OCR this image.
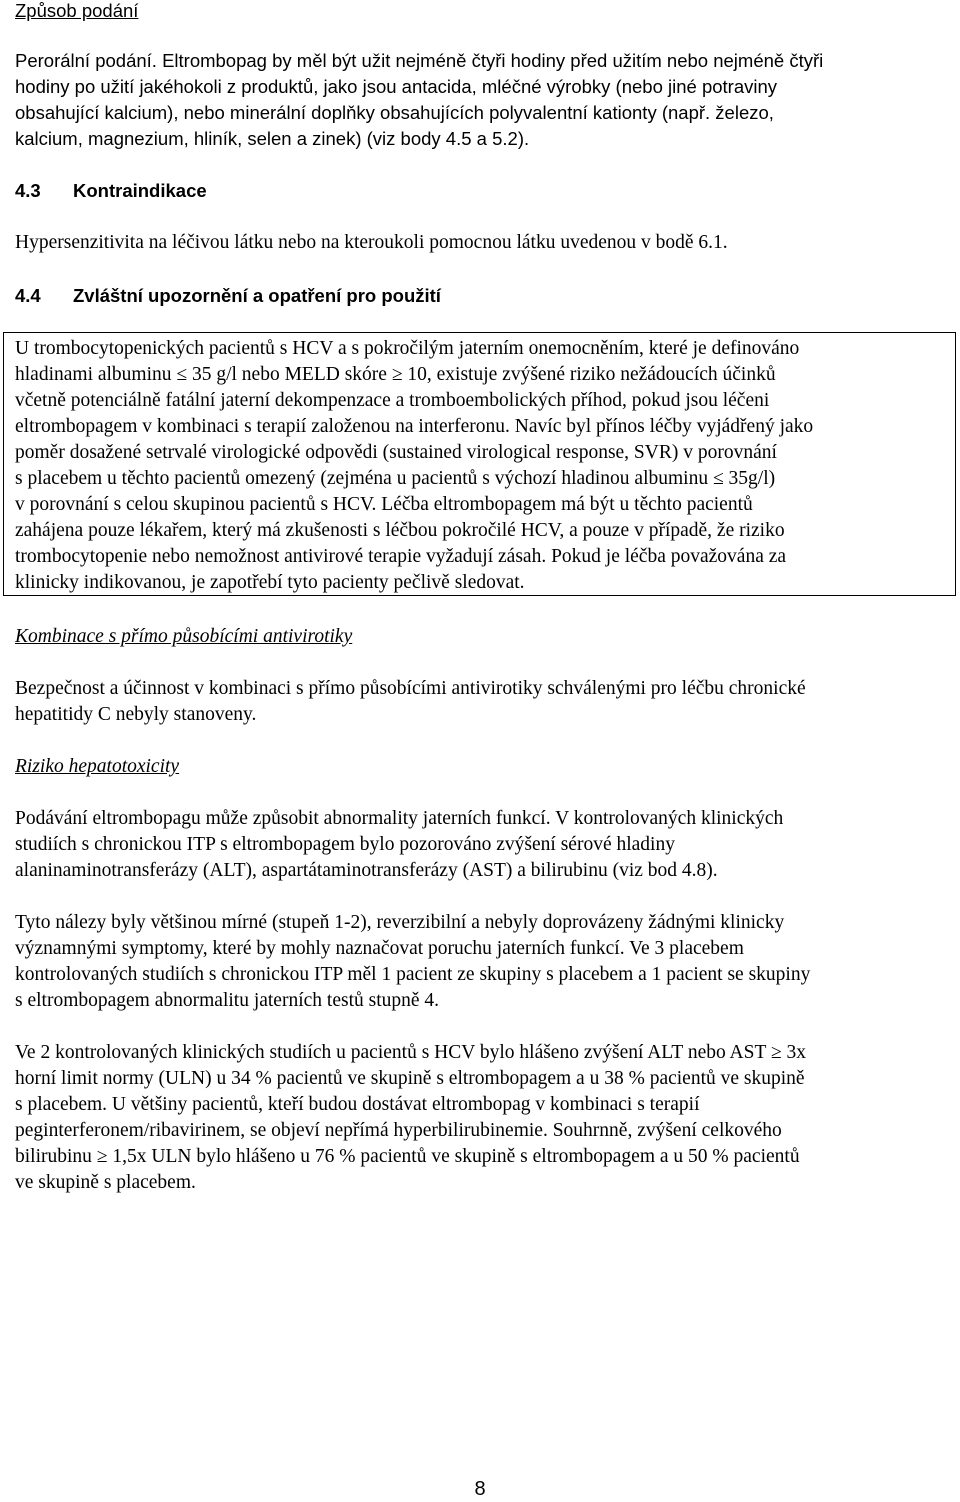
Způsob podání
Perorální podání. Eltrombopag by měl být užit nejméně čtyři hodiny před užitím nebo nejméně čtyři
hodiny po užití jakéhokoli z produktů, jako jsou antacida, mléčné výrobky (nebo jiné potraviny
obsahující kalcium), nebo minerální doplňky obsahujících polyvalentní kationty (např. železo,
kalcium, magnezium, hliník, selen a zinek) (viz body 4.5 a 5.2).
4.3 Kontraindikace
Hypersenzitivita na léčivou látku nebo na kteroukoli pomocnou látku uvedenou v bodě 6.1.
4.4 Zvláštní upozornění a opatření pro použití
U trombocytopenických pacientů s HCV a s pokročilým jaterním onemocněním, které je definováno
hladinami albuminu ≤ 35 g/l nebo MELD skóre ≥ 10, existuje zvýšené riziko nežádoucích účinků
včetně potenciálně fatální jaterní dekompenzace a tromboembolických příhod, pokud jsou léčeni
eltrombopagem v kombinaci s terapií založenou na interferonu. Navíc byl přínos léčby vyjádřený jako
poměr dosažené setrvalé virologické odpovědi (sustained virological response, SVR) v porovnání
s placebem u těchto pacientů omezený (zejména u pacientů s výchozí hladinou albuminu ≤ 35g/l)
v porovnání s celou skupinou pacientů s HCV. Léčba eltrombopagem má být u těchto pacientů
zahájena pouze lékařem, který má zkušenosti s léčbou pokročilé HCV, a pouze v případě, že riziko
trombocytopenie nebo nemožnost antivirové terapie vyžadují zásah. Pokud je léčba považována za
klinicky indikovanou, je zapotřebí tyto pacienty pečlivě sledovat.
Kombinace s přímo působícími antivirotiky
Bezpečnost a účinnost v kombinaci s přímo působícími antivirotiky schválenými pro léčbu chronické
hepatitidy C nebyly stanoveny.
Riziko hepatotoxicity
Podávání eltrombopagu může způsobit abnormality jaterních funkcí. V kontrolovaných klinických
studiích s chronickou ITP s eltrombopagem bylo pozorováno zvýšení sérové hladiny
alaninaminotransferázy (ALT), aspartátaminotransferázy (AST) a bilirubinu (viz bod 4.8).
Tyto nálezy byly většinou mírné (stupeň 1-2), reverzibilní a nebyly doprovázeny žádnými klinicky
významnými symptomy, které by mohly naznačovat poruchu jaterních funkcí. Ve 3 placebem
kontrolovaných studiích s chronickou ITP měl 1 pacient ze skupiny s placebem a 1 pacient se skupiny
s eltrombopagem abnormalitu jaterních testů stupně 4.
Ve 2 kontrolovaných klinických studiích u pacientů s HCV bylo hlášeno zvýšení ALT nebo AST ≥ 3x
horní limit normy (ULN) u 34 % pacientů ve skupině s eltrombopagem a u 38 % pacientů ve skupině
s placebem. U většiny pacientů, kteří budou dostávat eltrombopag v kombinaci s terapií
peginterferonem/ribavirinem, se objeví nepřímá hyperbilirubinemie. Souhrnně, zvýšení celkového
bilirubinu ≥ 1,5x ULN bylo hlášeno u 76 % pacientů ve skupině s eltrombopagem a u 50 % pacientů
ve skupině s placebem.
8
